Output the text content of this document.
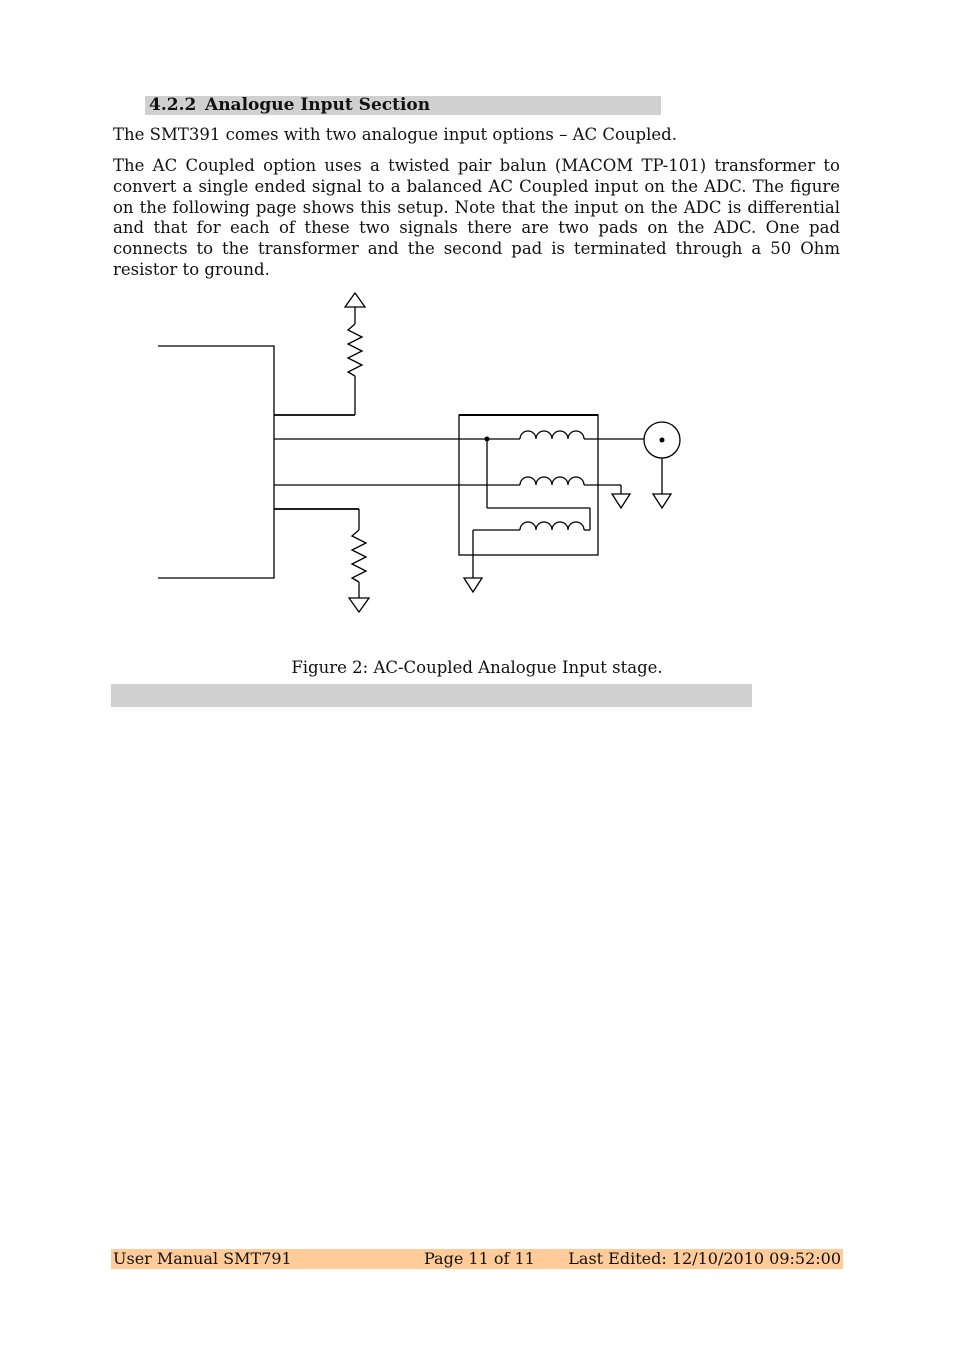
4.2.2 Analogue Input Section

The SMT391 comes with two analogue input options – AC Coupled.

The AC Coupled option uses a twisted pair balun (MACOM TP-101) transformer to convert a single ended signal to a balanced AC Coupled input on the ADC. The figure on the following page shows this setup. Note that the input on the ADC is differential and that for each of these two signals there are two pads on the ADC. One pad connects to the transformer and the second pad is terminated through a 50 Ohm resistor to ground.

Figure 2: AC-Coupled Analogue Input stage.
User Manual SMT791	Page 11 of 11 Last Edited: 12/10/2010 09:52:00
